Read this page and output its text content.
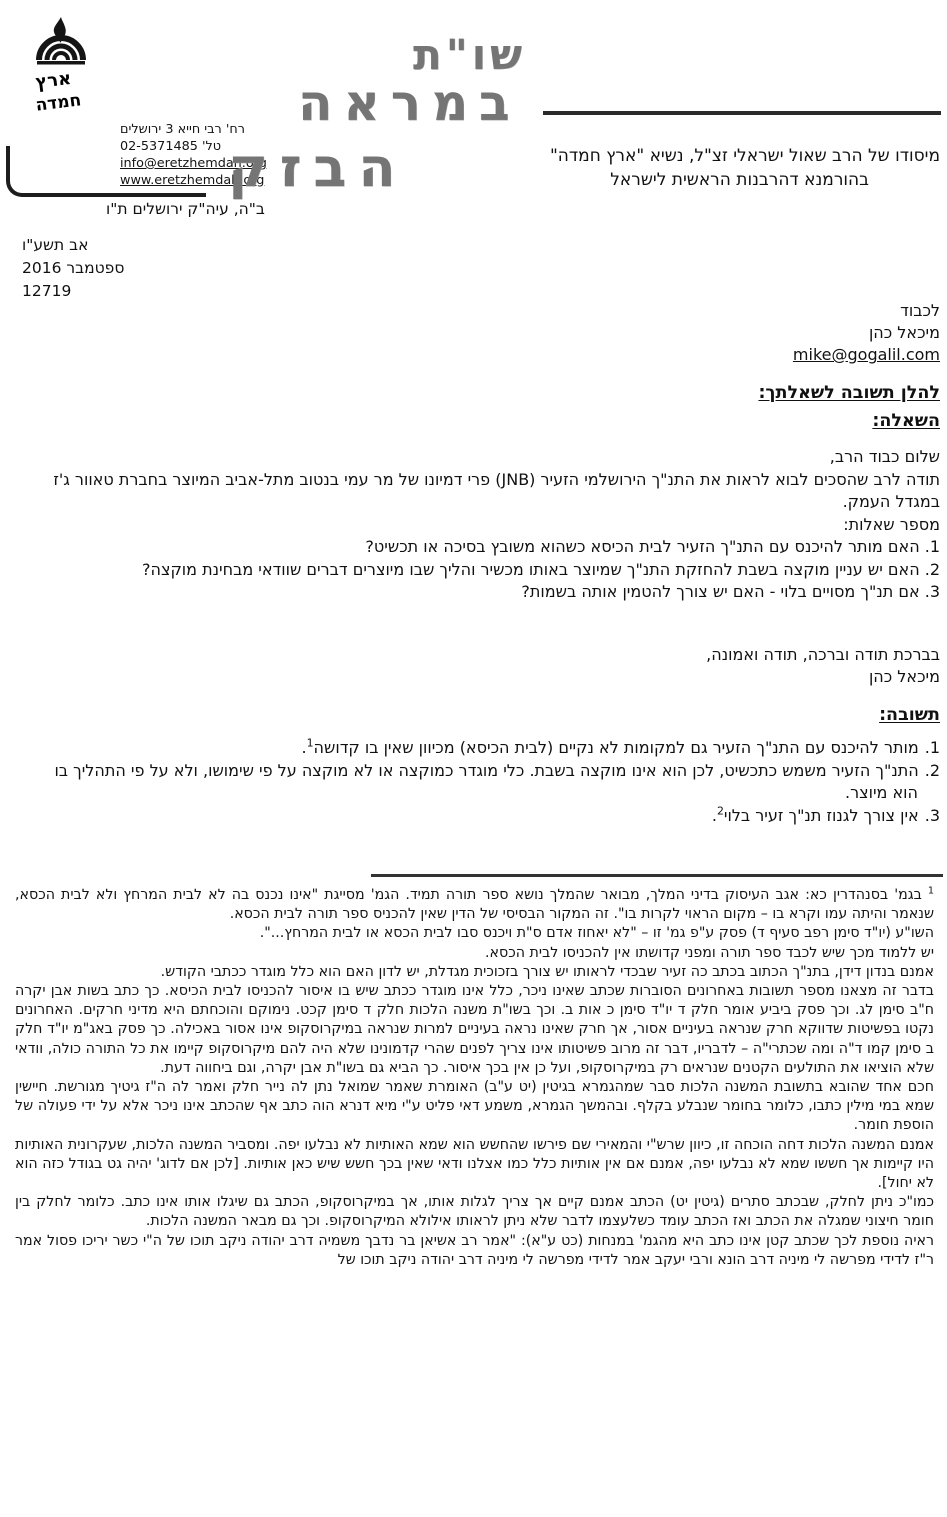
ארץ
חמדה
רח' רבי חייא 3 ירושלים
טל' 02-5371485
info@eretzhemdah.org
www.eretzhemdah.org
ב"ה, עיה"ק ירושלים ת"ו
שו"ת
במראה
הבזק	מיסודו של הרב שאול ישראלי זצ"ל, נשיא "ארץ חמדה"
בהורמנא דהרבנות הראשית לישראל
אב תשע"ו
ספטמבר 2016
12719
לכבוד
מיכאל כהן
mike@gogalil.com
להלן תשובה לשאלתך:
השאלה:

שלום כבוד הרב,

תודה לרב שהסכים לבוא לראות את התנ"ך הירושלמי הזעיר (JNB) פרי דמיונו של מר עמי בנטוב מתל-אביב המיוצר בחברת טאוור ג'ז במגדל העמק.

מספר שאלות:

1. האם מותר להיכנס עם התנ"ך הזעיר לבית הכיסא כשהוא משובץ בסיכה או תכשיט?

2. האם יש עניין מוקצה בשבת להחזקת התנ"ך שמיוצר באותו מכשיר והליך שבו מיוצרים דברים שוודאי מבחינת מוקצה?

3. אם תנ"ך מסויים בלוי - האם יש צורך להטמין אותה בשמות?

בברכת תודה וברכה, תודה ואמונה,
מיכאל כהן
תשובה:
1.מותר להיכנס עם התנ"ך הזעיר גם למקומות לא נקיים (לבית הכיסא) מכיוון שאין בו קדושה$^1$.
2.התנ"ך הזעיר משמש כתכשיט, לכן הוא אינו מוקצה בשבת. כלי מוגדר כמוקצה או לא מוקצה על פי שימושו, ולא על פי התהליך בו הוא מיוצר.
3.אין צורך לגנוז תנ"ך זעיר בלוי$^2$.

$^1$ בגמ' בסנהדרין כא: אגב העיסוק בדיני המלך, מבואר שהמלך נושא ספר תורה תמיד. הגמ' מסייגת "אינו נכנס בה לא לבית המרחץ ולא לבית הכסא, שנאמר והיתה עמו וקרא בו – מקום הראוי לקרות בו". זה המקור הבסיסי של הדין שאין להכניס ספר תורה לבית הכסא.

השו"ע (יו"ד סימן רפב סעיף ד) פסק ע"פ גמ' זו – "לא יאחוז אדם ס"ת ויכנס סבו לבית הכסא או לבית המרחץ...".

יש ללמוד מכך שיש לכבד ספר תורה ומפני קדושתו אין להכניסו לבית הכסא.

אמנם בנדון דידן, בתנ"ך הכתוב בכתב כה זעיר שבכדי לראותו יש צורך בזכוכית מגדלת, יש לדון האם הוא כלל מוגדר ככתבי הקודש.

בדבר זה מצאנו מספר תשובות באחרונים הסוברות שכתב שאינו ניכר, כלל אינו מוגדר ככתב שיש בו איסור להכניסו לבית הכיסא. כך כתב בשות אבן יקרה ח"ב סימן לג. וכך פסק ביביע אומר חלק ד יו"ד סימן כ אות ב. וכך בשו"ת משנה הלכות חלק ד סימן קכט. נימוקם והוכחתם היא מדיני חרקים. האחרונים נקטו בפשיטות שדווקא חרק שנראה בעיניים אסור, אך חרק שאינו נראה בעיניים למרות שנראה במיקרוסקופ אינו אסור באכילה. כך פסק באג"מ יו"ד חלק ב סימן קמו ד"ה ומה שכתרי"ה – לדבריו, דבר זה מרוב פשיטותו אינו צריך לפנים שהרי קדמונינו שלא היה להם מיקרוסקופ קיימו את כל התורה כולה, וודאי שלא הוציאו את התולעים הקטנים שנראים רק במיקרוסקופ, ועל כן אין בכך איסור. כך הביא גם בשו"ת אבן יקרה, וגם ביחווה דעת.

חכם אחד שהובא בתשובת המשנה הלכות סבר שמהגמרא בגיטין (יט ע"ב) האומרת שאמר שמואל נתן לה נייר חלק ואמר לה ה"ז גיטיך מגורשת. חיישין שמא במי מילין כתבו, כלומר בחומר שנבלע בקלף. ובהמשך הגמרא, משמע דאי פליט ע"י מיא דנרא הוה כתב אף שהכתב אינו ניכר אלא על ידי פעולה של הוספת חומר.

אמנם המשנה הלכות דחה הוכחה זו, כיוון שרש"י והמאירי שם פירשו שהחשש הוא שמא האותיות לא נבלעו יפה. ומסביר המשנה הלכות, שעקרונית האותיות היו קיימות אך חששו שמא לא נבלעו יפה, אמנם אם אין אותיות כלל כמו אצלנו ודאי שאין בכך חשש שיש כאן אותיות. [לכן אם לדוג' יהיה גט בגודל כזה הוא לא יחול].

כמו"כ ניתן לחלק, שבכתב סתרים (גיטין יט) הכתב אמנם קיים אך צריך לגלות אותו, אך במיקרוסקופ, הכתב גם שיגלו אותו אינו כתב. כלומר לחלק בין חומר חיצוני שמגלה את הכתב ואז הכתב עומד כשלעצמו לדבר שלא ניתן לראותו אילולא המיקרוסקופ. וכך גם מבאר המשנה הלכות.

ראיה נוספת לכך שכתב קטן אינו כתב היא מהגמ' במנחות (כט ע"א): "אמר רב אשיאן בר נדבך משמיה דרב יהודה ניקב תוכו של ה"י כשר יריכו פסול אמר ר"ז לדידי מפרשה לי מיניה דרב הונא ורבי יעקב אמר לדידי מפרשה לי מיניה דרב יהודה ניקב תוכו של
